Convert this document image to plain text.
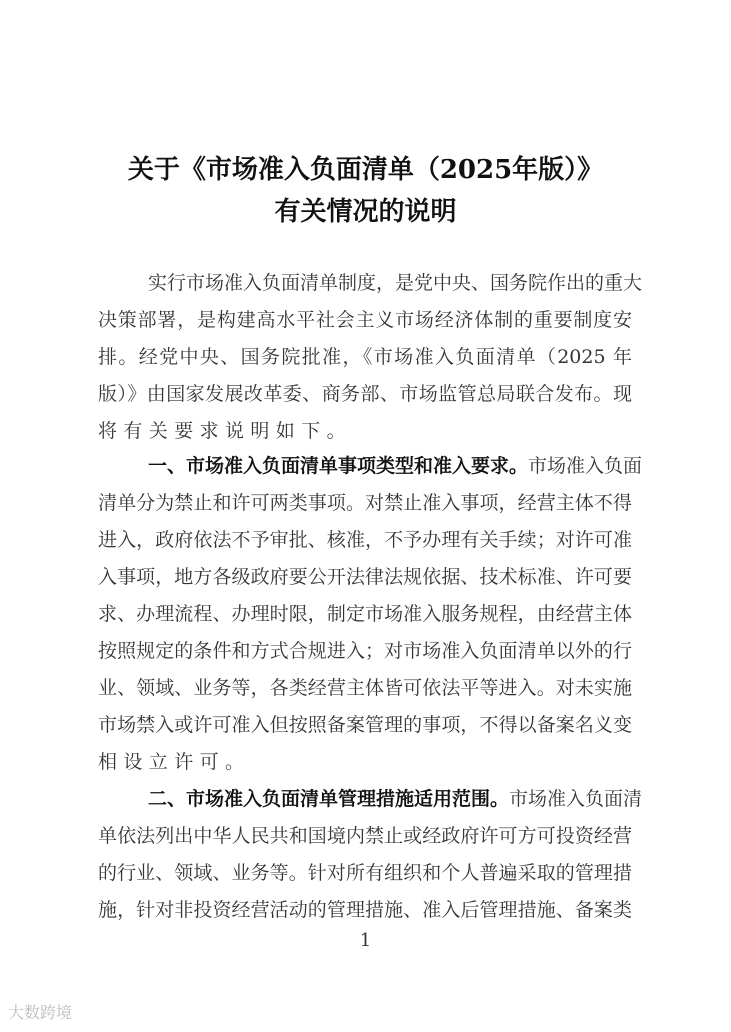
关于《市场准入负面清单（2025年版）》
有关情况的说明
实行市场准入负面清单制度，是党中央、国务院作出的重大
决策部署，是构建高水平社会主义市场经济体制的重要制度安
排。经党中央、国务院批准，《市场准入负面清单（2025 年
版）》由国家发展改革委、商务部、市场监管总局联合发布。现
将有关要求说明如下。
一、市场准入负面清单事项类型和准入要求。市场准入负面
清单分为禁止和许可两类事项。对禁止准入事项，经营主体不得
进入，政府依法不予审批、核准，不予办理有关手续；对许可准
入事项，地方各级政府要公开法律法规依据、技术标准、许可要
求、办理流程、办理时限，制定市场准入服务规程，由经营主体
按照规定的条件和方式合规进入；对市场准入负面清单以外的行
业、领域、业务等，各类经营主体皆可依法平等进入。对未实施
市场禁入或许可准入但按照备案管理的事项，不得以备案名义变
相设立许可。
二、市场准入负面清单管理措施适用范围。市场准入负面清
单依法列出中华人民共和国境内禁止或经政府许可方可投资经营
的行业、领域、业务等。针对所有组织和个人普遍采取的管理措
施，针对非投资经营活动的管理措施、准入后管理措施、备案类
1
大数跨境
